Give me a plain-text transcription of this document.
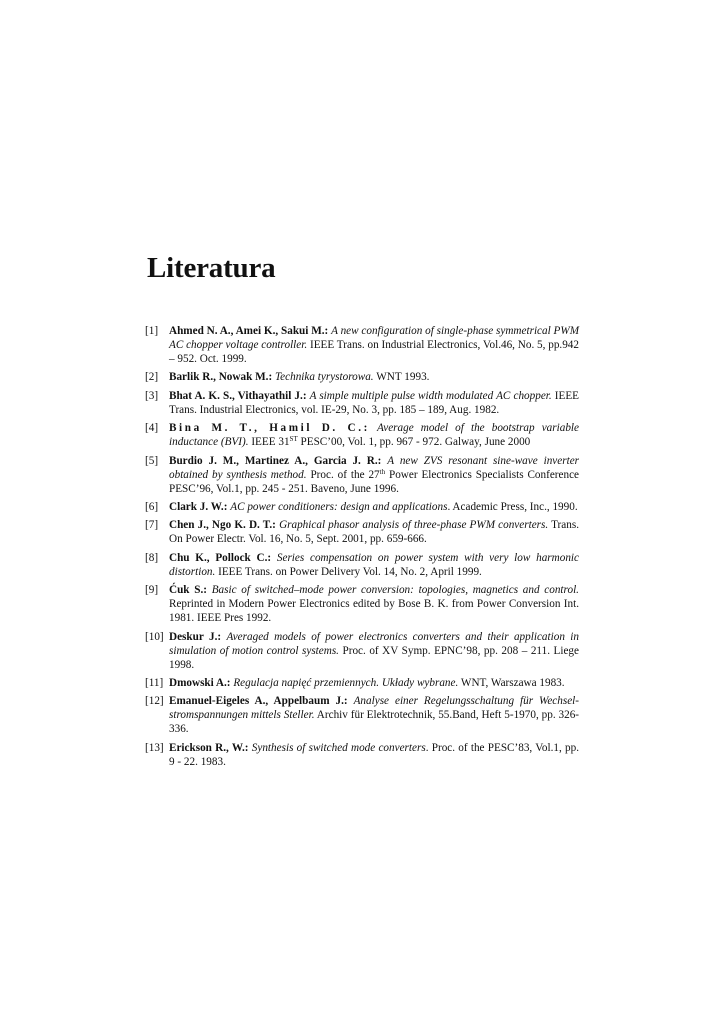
Literatura
[1] Ahmed N. A., Amei K., Sakui M.: A new configuration of single-phase symmetrical PWM AC chopper voltage controller. IEEE Trans. on Industrial Electronics, Vol.46, No. 5, pp.942 – 952. Oct. 1999.
[2] Barlik R., Nowak M.: Technika tyrystorowa. WNT 1993.
[3] Bhat A. K. S., Vithayathil J.: A simple multiple pulse width modulated AC chopper. IEEE Trans. Industrial Electronics, vol. IE-29, No. 3, pp. 185 – 189, Aug. 1982.
[4] Bina M. T., Hamil D. C.: Average model of the bootstrap variable inductance (BVI). IEEE 31ST PESC’00, Vol. 1, pp. 967 - 972. Galway, June 2000
[5] Burdio J. M., Martinez A., Garcia J. R.: A new ZVS resonant sine-wave inverter obtained by synthesis method. Proc. of the 27th Power Electronics Specialists Conference PESC’96, Vol.1, pp. 245 - 251. Baveno, June 1996.
[6] Clark J. W.: AC power conditioners: design and applications. Academic Press, Inc., 1990.
[7] Chen J., Ngo K. D. T.: Graphical phasor analysis of three-phase PWM converters. Trans. On Power Electr. Vol. 16, No. 5, Sept. 2001, pp. 659-666.
[8] Chu K., Pollock C.: Series compensation on power system with very low harmonic distortion. IEEE Trans. on Power Delivery Vol. 14, No. 2, April 1999.
[9] Ćuk S.: Basic of switched–mode power conversion: topologies, magnetics and control. Reprinted in Modern Power Electronics edited by Bose B. K. from Power Conversion Int. 1981. IEEE Pres 1992.
[10] Deskur J.: Averaged models of power electronics converters and their application in simulation of motion control systems. Proc. of XV Symp. EPNC’98, pp. 208 – 211. Liege 1998.
[11] Dmowski A.: Regulacja napięć przemiennych. Układy wybrane. WNT, Warszawa 1983.
[12] Emanuel-Eigeles A., Appelbaum J.: Analyse einer Regelungsschaltung für Wechsel-stromspannungen mittels Steller. Archiv für Elektrotechnik, 55.Band, Heft 5-1970, pp. 326-336.
[13] Erickson R., W.: Synthesis of switched mode converters. Proc. of the PESC’83, Vol.1, pp. 9 - 22. 1983.
